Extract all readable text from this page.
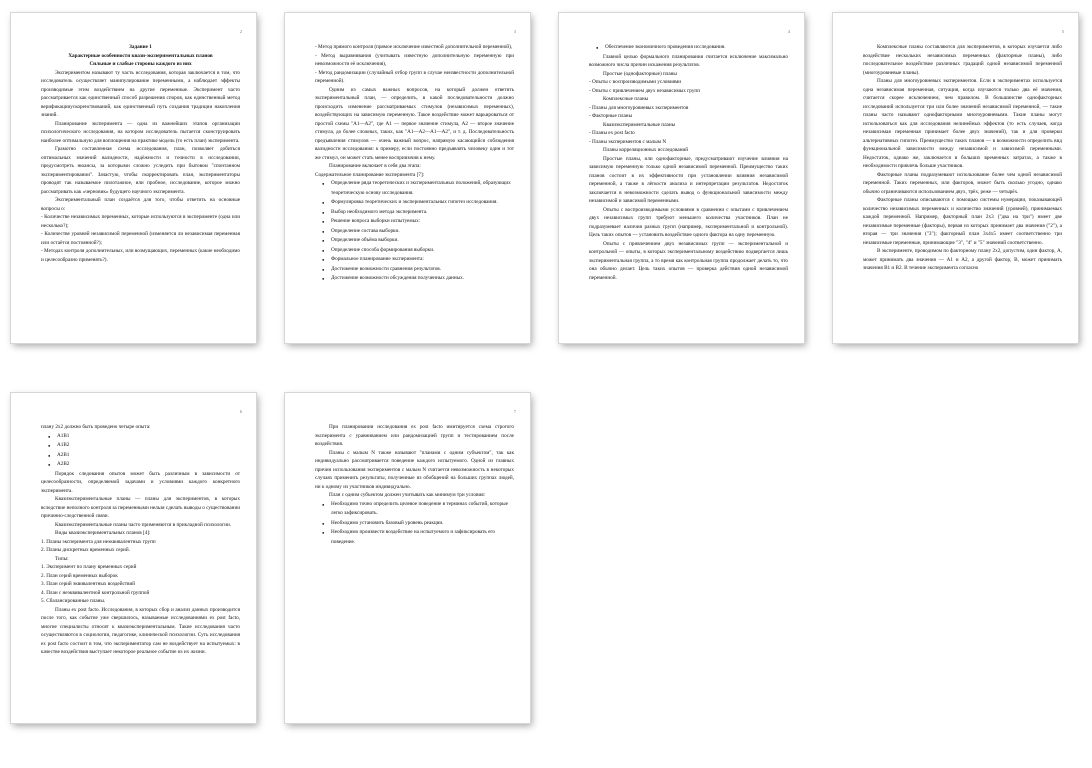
2

Задание 1

Характерные особенности квази-экспериментальных планов

Сильные и слабые стороны каждого из них

Экспериментом называют ту часть исследования, которая заключается в том, что исследователь осуществляет манипулирование переменными, а наблюдает эффекты производимые этим воздействием на другие переменные. Эксперимент часто рассматривается как единственный способ разрешения споров, как единственный метод верификацииускоренствований, как единственный путь создания традиции накопления знаний.

Планирование эксперимента — одна из важнейших этапов организации психологического исследования, на котором исследователь пытается сконструировать наиболее оптимальную для воплощения на практике модель (то есть план) эксперимента.

Грамотно составленная схема исследования, план, позволяет добиться оптимальных значений валидности, надёжности и точности в исследовании, предусмотреть нюансы, за которыми сложно уследить при бытовом "спонтанном экспериментировании". Зачастую, чтобы скорректировать план, экспериментаторы проводят так называемое пилотажное, или пробное, исследование, которое можно рассматривать как «черновик» будущего научного эксперимента.

Экспериментальный план создаётся для того, чтобы ответить на основные вопросы о:

- Количестве независимых переменных, которые используются в эксперименте (одна или несколько?);

- Количестве уровней независимой переменной (изменяется ли независимая переменная или остаётся постоянной?);

- Методах контроля дополнительных, или возмущающих, переменных (какие необходимо и целесообразно применять?).

3

- Метод прямого контроля (прямое исключение известной дополнительной переменной),

- Метод выравнивания (учитывать известную дополнительную переменную при невозможности её исключения),

- Метод рандомизации (случайный отбор групп в случае неизвестности дополнительной переменной).

Одним из самых важных вопросов, на который должен ответить экспериментальный план, — определить, в какой последовательности должно происходить изменение рассматриваемых стимулов (независимых переменных), воздействующих на зависимую переменную. Такое воздействие может варьироваться от простой схемы "А1—А2", где А1 — первое значение стимула, А2 — второе значение стимула, до более сложных, таких, как "А1—А2—А1—А2", и т. д. Последовательность предъявления стимулов — очень важный вопрос, напрямую касающийся соблюдения валидности исследования: к примеру, если постоянно предъявлять человеку один и тот же стимул, он может стать менее восприимчив к нему.

Планирование включает в себя два этапа:

Содержательное планирование эксперимента [7]:

● Определение ряда теоретических и экспериментальных положений, образующих теоретическую основу исследования.
● Формулировка теоретических и экспериментальных гипотез исследования.
● Выбор необходимого метода эксперимента.
● Решение вопроса выборки испытуемых:
● Определение состава выборки.
● Определение объёма выборки.
● Определение способа формирования выборки.
● Формальное планирование эксперимента:
● Достижение возможности сравнения результатов.
● Достижение возможности обсуждения полученных данных.
4
● Обеспечение экономичного проведения исследования.

Главной целью формального планирования считается исключение максимально возможного числа причин искажения результатов.

Простые (однофакторные) планы

- Опыты с воспроизводимыми условиями

- Опыты с привлечением двух независимых групп

Комплексные планы

- Планы для многоуровневых экспериментов

- Факторные планы

Квазиэкспериментальные планы

- Планы ex post facto

- Планы экспериментов с малым N

Планы корреляционных исследований

Простые планы, или однофакторные, предусматривают изучение влияния на зависимую переменную только одной независимой переменной. Преимущество таких планов состоит в их эффективности при установлении влияния независимой переменной, а также в лёгкости анализа и интерпретации результатов. Недостаток заключается в невозможности сделать вывод о функциональной зависимости между независимой и зависимой переменными.

Опыты с воспроизводимыми условиями в сравнении с опытами с привлечением двух независимых групп требуют меньшего количества участников. План не подразумевает наличия разных групп (например, экспериментальной и контрольной). Цель таких опытов — установить воздействие одного фактора на одну переменную.

Опыты с привлечением двух независимых групп — экспериментальной и контрольной — опыты, в которых экспериментальному воздействию подвергается лишь экспериментальная группа, а то время как контрольная группа продолжает делать то, что она обычно делает. Цель таких опытов — проверка действия одной независимой переменной.

5

Комплексные планы составляются для экспериментов, в которых изучается либо воздействие нескольких независимых переменных (факторные планы), либо последовательное воздействие различных градаций одной независимой переменной (многоуровневые планы).

Планы для многоуровневых экспериментов. Если в экспериментах используется одна независимая переменная, ситуация, когда изучаются только два её значения, считается скорее исключением, чем правилом. В большинстве однофакторных исследований используется три или более значений независимой переменной, — такие планы часто называют однофакторными многоуровневыми. Такие планы могут использоваться как для исследования нелинейных эффектов (то есть случаев, когда независимая переменная принимает более двух значений), так и для проверки альтернативных гипотез. Преимущество таких планов — в возможности определить вид функциональной зависимости между независимой и зависимой переменными. Недостаток, однако же, заключается в больших временных затратах, а также в необходимости привлечь больше участников.

Факторные планы подразумевают использование более чем одной независимой переменной. Таких переменных, или факторов, может быть сколько угодно, однако обычно ограничиваются использованием двух, трёх, реже — четырёх.

Факторные планы описываются с помощью системы нумерации, показывающей количество независимых переменных и количество значений (уровней), принимаемых каждой переменной. Например, факторный план 2x3 ("два на три") имеет две независимые переменные (факторы), первая из которых принимает два значения ("2"), а вторая — три значения ("3"); факторный план 3x4x5 имеет соответственно три независимые переменные, принимающие "3", "4" и "5" значений соответственно.

В эксперименте, проводимом по факторному плану 2x2, допустим, один фактор, А, может принимать два значения — А1 и А2, а другой фактор, В, может принимать значения В1 и В2. В течение эксперимента согласно

6

плану 2x2 должно быть проведено четыре опыта:

● А1В1
● А1В2
● А2В1
● А2В2

Порядок следования опытов может быть различным в зависимости от целесообразности, определяемой задачами и условиями каждого конкретного эксперимента.

Квазиэкспериментальные планы — планы для экспериментов, в которых вследствие неполного контроля за переменными нельзя сделать выводы о существовании причинно-следственной связи.

Квазиэкспериментальные планы часто применяются в прикладной психологии.

Виды квазиэкспериментальных планов [4]:

1. Планы эксперимента для неэквивалентных групп

2. Планы дискретных временных серий.

Типы:

1. Эксперимент по плану временных серий

2. План серий временных выборок

3. План серий эквивалентных воздействий

4. План с неэквивалентной контрольной группой

5. Сбалансированные планы.

Планы ex post facto. Исследования, в которых сбор и анализ данных производится после того, как событие уже свершилось, называемые исследованиями ex post facto, многие специалисты относят к квазиэкспериментальным. Такие исследования часто осуществляются в социологии, педагогике, клинической психологии. Суть исследования ex post facto состоит в том, что экспериментатор сам не воздействует на испытуемых: в качестве воздействия выступает некоторое реальное событие из их жизни.

7

При планировании исследования ex post facto имитируется схема строгого эксперимента с уравниванием или рандомизацией групп и тестированием после воздействия.

Планы с малым N также называют "планами с одним субъектом", так как индивидуально рассматривается поведение каждого испытуемого. Одной из главных причин использования экспериментов с малым N считается невозможность в некоторых случаях применить результаты, полученные из обобщений на больших группах людей, ни к одному из участников индивидуально.

План с одним субъектом должен учитывать как минимум три условия:

● Необходимо точно определить целевое поведение в терминах событий, которые легко зафиксировать.
● Необходимо установить базовый уровень реакции.
● Необходимо произвести воздействие на испытуемого и зафиксировать его поведение.
